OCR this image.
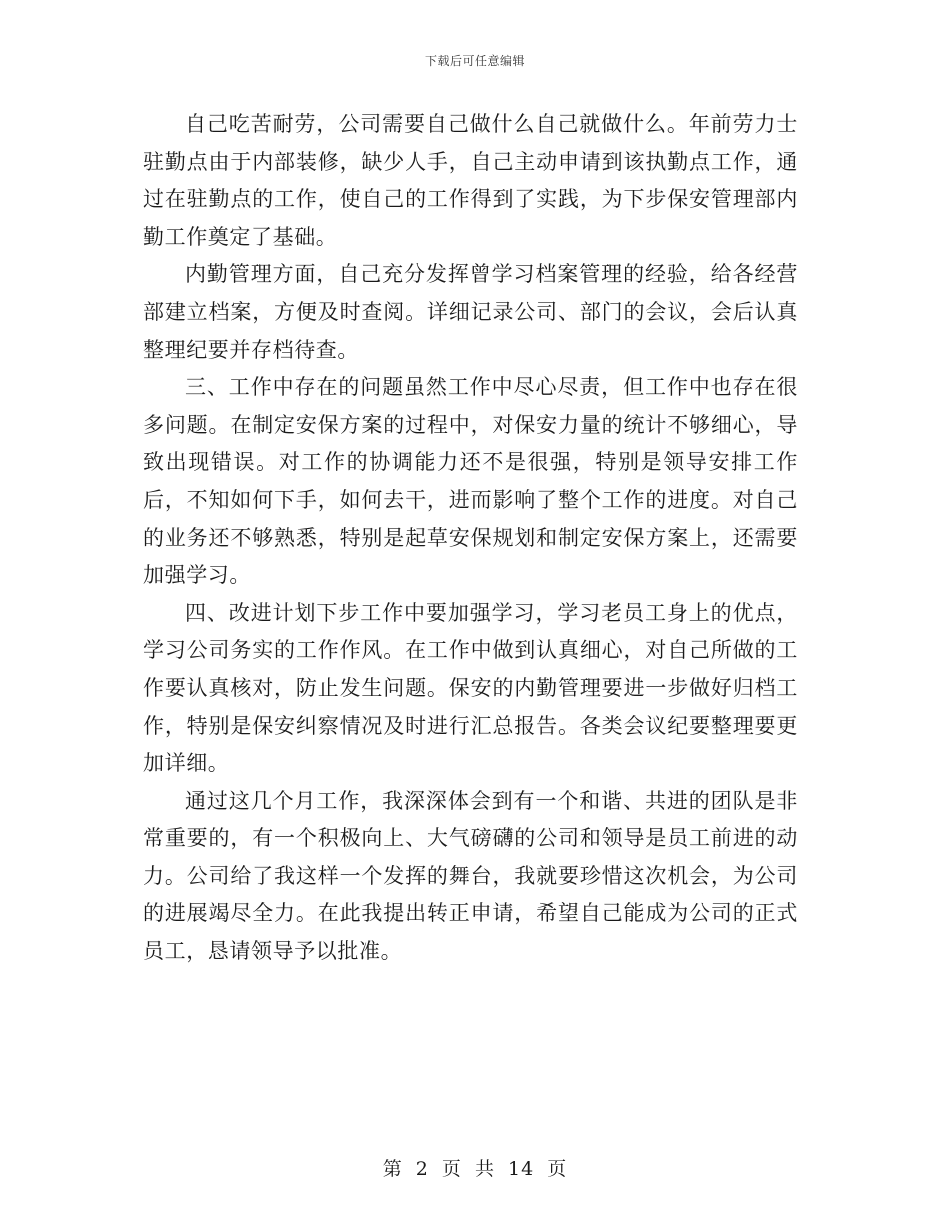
下载后可任意编辑

自己吃苦耐劳，公司需要自己做什么自己就做什么。年前劳力士驻勤点由于内部装修，缺少人手，自己主动申请到该执勤点工作，通过在驻勤点的工作，使自己的工作得到了实践，为下步保安管理部内勤工作奠定了基础。

内勤管理方面，自己充分发挥曾学习档案管理的经验，给各经营部建立档案，方便及时查阅。详细记录公司、部门的会议，会后认真整理纪要并存档待查。

三、工作中存在的问题虽然工作中尽心尽责，但工作中也存在很多问题。在制定安保方案的过程中，对保安力量的统计不够细心，导致出现错误。对工作的协调能力还不是很强，特别是领导安排工作后，不知如何下手，如何去干，进而影响了整个工作的进度。对自己的业务还不够熟悉，特别是起草安保规划和制定安保方案上，还需要加强学习。

四、改进计划下步工作中要加强学习，学习老员工身上的优点，学习公司务实的工作作风。在工作中做到认真细心，对自己所做的工作要认真核对，防止发生问题。保安的内勤管理要进一步做好归档工作，特别是保安纠察情况及时进行汇总报告。各类会议纪要整理要更加详细。

通过这几个月工作，我深深体会到有一个和谐、共进的团队是非常重要的，有一个积极向上、大气磅礴的公司和领导是员工前进的动力。公司给了我这样一个发挥的舞台，我就要珍惜这次机会，为公司的进展竭尽全力。在此我提出转正申请，希望自己能成为公司的正式员工，恳请领导予以批准。

第 2 页 共 14 页
